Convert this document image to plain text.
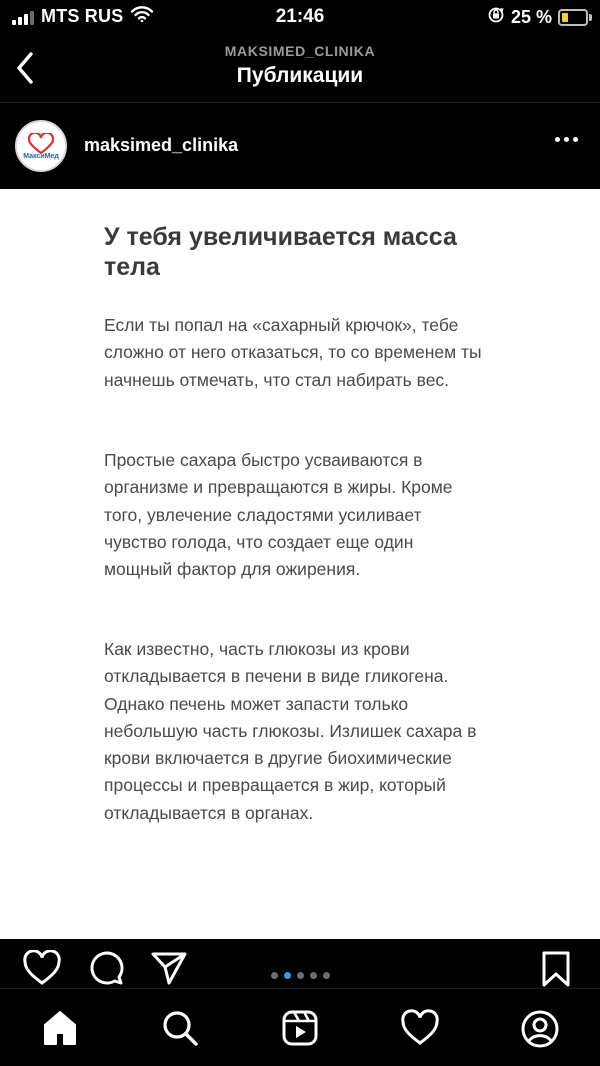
MTS RUS	21:46	25 %
MAKSIMED_CLINIKA
Публикации
МаксиМед
maksimed_clinika
У тебя увеличивается масса тела

Если ты попал на «сахарный крючок», тебе сложно от него отказаться, то со временем ты начнешь отмечать, что стал набирать вес.

Простые сахара быстро усваиваются в организме и превращаются в жиры. Кроме того, увлечение сладостями усиливает чувство голода, что создает еще один мощный фактор для ожирения.

Как известно, часть глюкозы из крови откладывается в печени в виде гликогена. Однако печень может запасти только небольшую часть глюкозы. Излишек сахара в крови включается в другие биохимические процессы и превращается в жир, который откладывается в органах.
